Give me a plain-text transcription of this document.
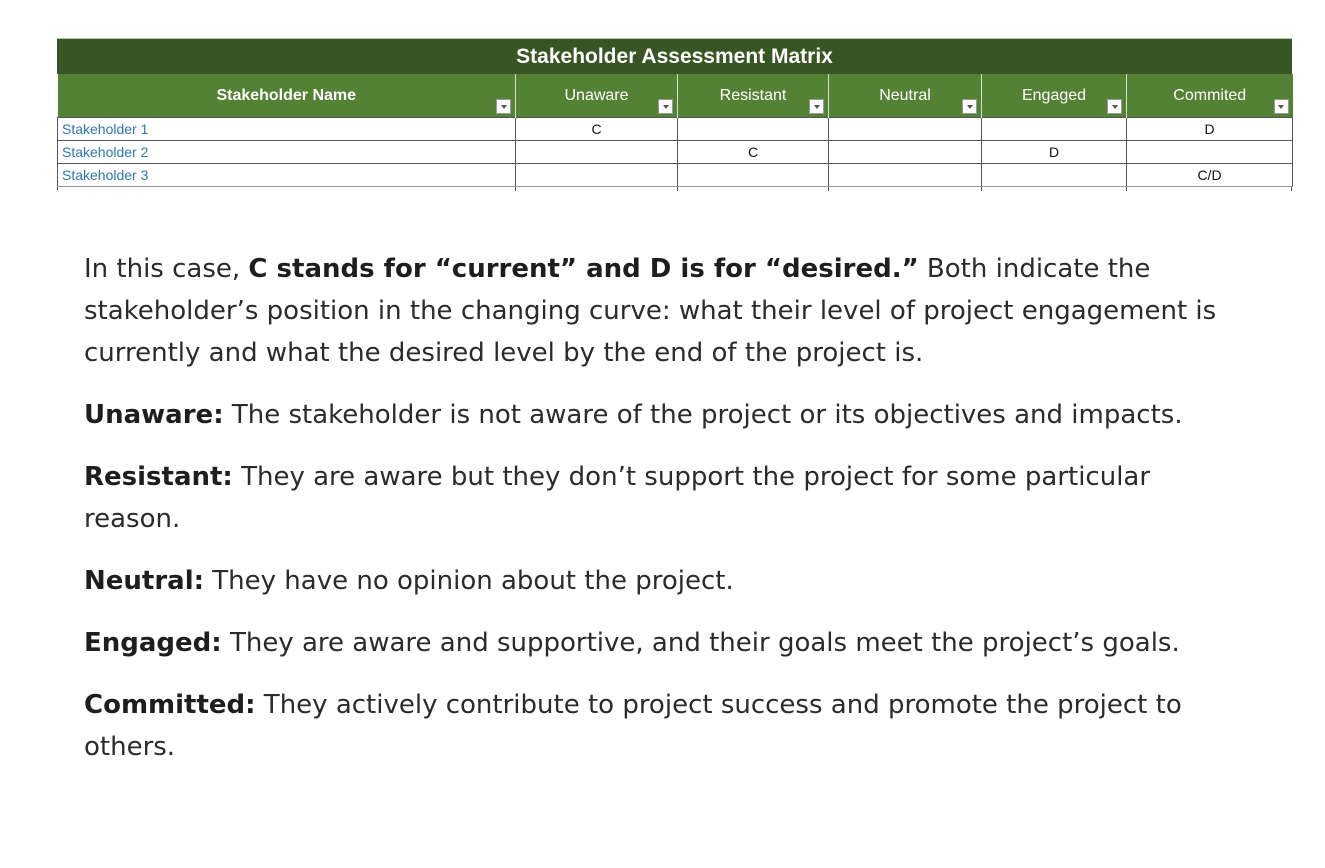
Stakeholder Assessment Matrix
Stakeholder Name	Unaware	Resistant	Neutral	Engaged	Commited

Stakeholder 1	C				D
Stakeholder 2		C		D	
Stakeholder 3					C/D

In this case, C stands for “current” and D is for “desired.” Both indicate the stakeholder’s position in the changing curve: what their level of project engagement is currently and what the desired level by the end of the project is.

Unaware: The stakeholder is not aware of the project or its objectives and impacts.

Resistant: They are aware but they don’t support the project for some particular reason.

Neutral: They have no opinion about the project.

Engaged: They are aware and supportive, and their goals meet the project’s goals.

Committed: They actively contribute to project success and promote the project to others.
